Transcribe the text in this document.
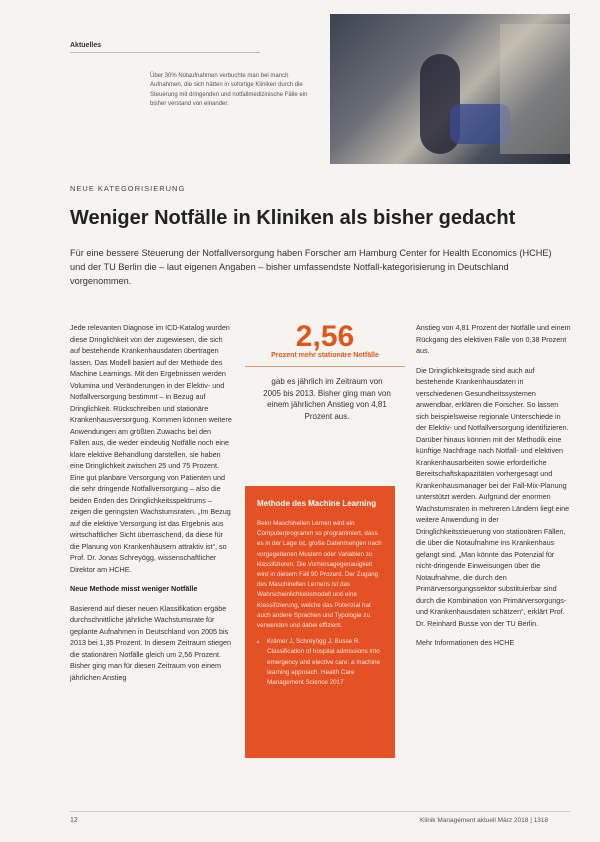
Aktuelles
Über 30% Notaufnahmen verbuchte man bei manch Aufnahmen, die sich hätten in sofortige Kliniken durch die Steuerung mit dringenden und notfallmedizinische Fälle ein bisher verstand von einander.
NEUE KATEGORISIERUNG
Weniger Notfälle in Kliniken als bisher gedacht
Für eine bessere Steuerung der Notfallversorgung haben Forscher am Hamburg Center for Health Economics (HCHE) und der TU Berlin die – laut eigenen Angaben – bisher umfassendste Notfall-kategorisierung in Deutschland vorgenommen.

Jede relevanten Diagnose im ICD-Katalog wurden diese Dringlichkeit von der zugewiesen, die sich auf bestehende Krankenhausdaten übertragen lassen. Das Modell basiert auf der Methode des Machine Learnings. Mit den Ergebnissen werden Volumina und Veränderungen in der Elektiv- und Notfallversorgung bestimmt – in Bezug auf Dringlichkeit. Rückschreiben und stationäre Krankenhausversorgung. Kommen können weitere Anwendungen am größten Zuwachs bei den Fällen aus, die weder eindeutig Notfälle noch eine klare elektive Behandlung darstellen, sie haben eine Dringlichkeit zwischen 25 und 75 Prozent. Eine gut planbare Versorgung von Patienten und die sehr dringende Notfallversorgung – also die beiden Enden des Dringlichkeitsspektrums – zeigen die geringsten Wachstumsraten. „Im Bezug auf die elektive Versorgung ist das Ergebnis aus wirtschaftlicher Sicht überraschend, da diese für die Planung von Krankenhäusern attraktiv ist“, so Prof. Dr. Jonas Schreyögg, wissenschaftlicher Direktor am HCHE.

Neue Methode misst weniger Notfälle

Basierend auf dieser neuen Klassifikation ergäbe durchschnittliche jährliche Wachstumsrate für geplante Aufnahmen in Deutschland von 2005 bis 2013 bei 1,35 Prozent. In diesem Zeitraum stiegen die stationären Notfälle gleich um 2,56 Prozent. Bisher ging man für diesen Zeitraum von einem jährlichen Anstieg

2,56
Prozent mehr stationäre Notfälle
gab es jährlich im Zeitraum von 2005 bis 2013. Bisher ging man von einem jährlichen Anstieg von 4,81 Prozent aus.
Methode des Machine Learning
Beim Maschinellen Lernen wird ein Computerprogramm so programmiert, dass es in der Lage ist, große Datenmengen nach vorgegebenen Mustern oder Variablen zu klassifizieren. Die Vorhersagegenauigkeit wird in diesem Fall 90 Prozent. Der Zugang des Maschinellen Lernens ist das Wahrscheinlichkeitsmodell und eine Klassifizierung, welche das Potenzial hat auch andere Sprachen und Typologie zu verwenden und dabei effizient.
• Krämer J, Schreyögg J, Busse R. Classification of hospital admissions into emergency and elective care: a machine learning approach. Health Care Management Science 2017

Anstieg von 4,81 Prozent der Notfälle und einem Rückgang des elektiven Fälle von 0,38 Prozent aus.

Die Dringlichkeitsgrade sind auch auf bestehende Krankenhausdaten in verschiedenen Gesundheitssystemen anwendbar, erklären die Forscher. So lassen sich beispielsweise regionale Unterschiede in der Elektiv- und Notfallversorgung identifizieren. Darüber hinaus können mit der Methodik eine künftige Nachfrage nach Notfall- und elektiven Krankenhausarbeiten sowie erforderliche Bereitschaftskapazitäten vorhergesagt und Krankenhausmanager bei der Fall-Mix-Planung unterstützt werden. Aufgrund der enormen Wachstumsraten in mehreren Ländern liegt eine weitere Anwendung in der Dringlichkeitssteuerung von stationären Fällen, die über die Notaufnahme ins Krankenhaus gelangt sind. „Man könnte das Potenzial für nicht-dringende Einweisungen über die Notaufnahme, die durch den Primärversorgungssektor substituierbar sind durch die Kombination von Primärversorgungs- und Krankenhausdaten schätzen“, erklärt Prof. Dr. Reinhard Busse von der TU Berlin.

Mehr Informationen des HCHE

12	Klinik Management aktuell März 2018 | 1318
